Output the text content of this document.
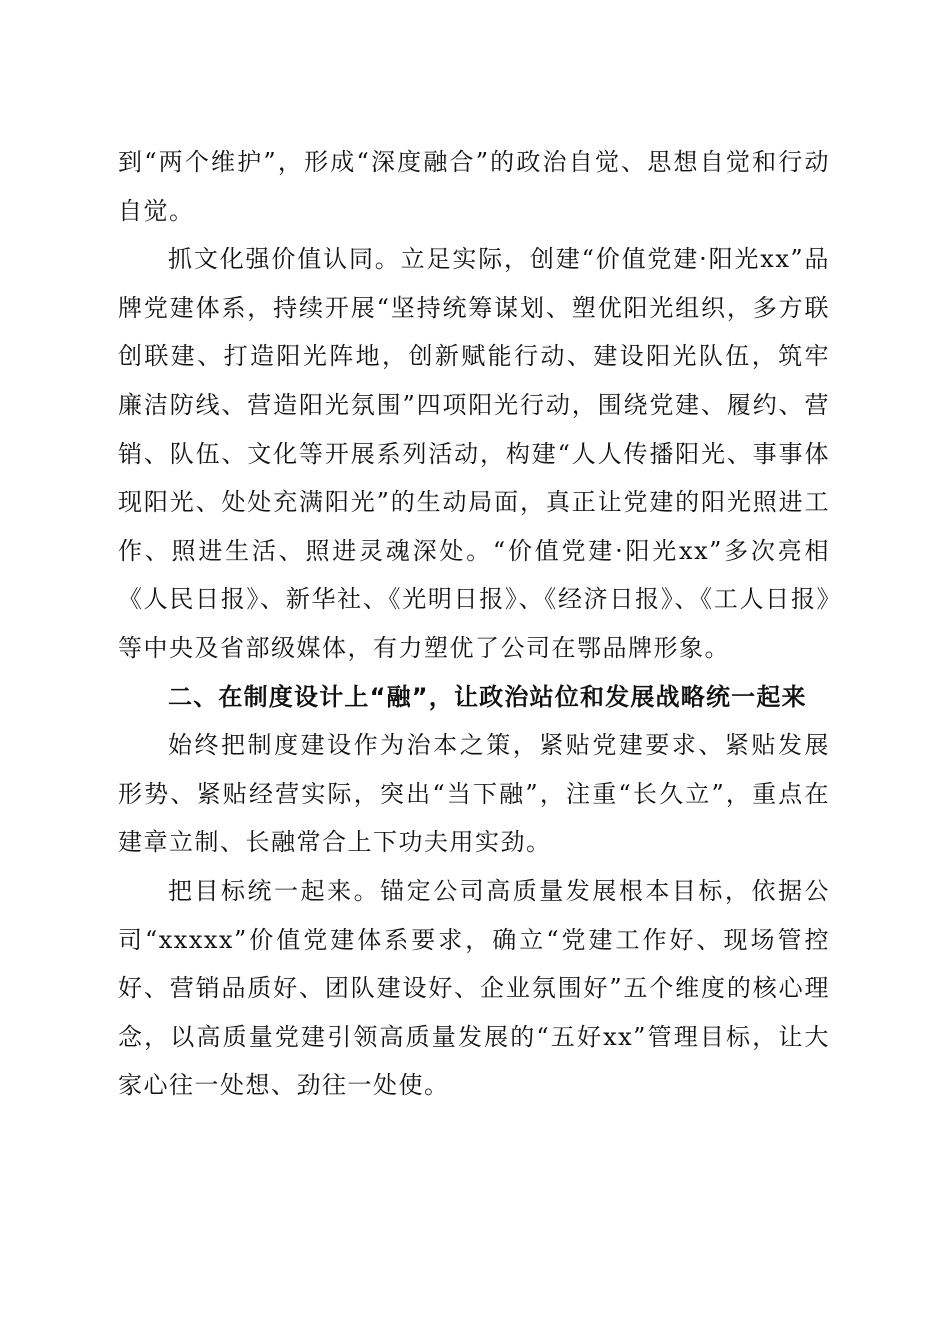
到“两个维护”，形成“深度融合”的政治自觉、思想自觉和行动自觉。

抓文化强价值认同。立足实际，创建“价值党建·阳光xx”品牌党建体系，持续开展“坚持统筹谋划、塑优阳光组织，多方联创联建、打造阳光阵地，创新赋能行动、建设阳光队伍，筑牢廉洁防线、营造阳光氛围”四项阳光行动，围绕党建、履约、营销、队伍、文化等开展系列活动，构建“人人传播阳光、事事体现阳光、处处充满阳光”的生动局面，真正让党建的阳光照进工作、照进生活、照进灵魂深处。“价值党建·阳光xx”多次亮相《人民日报》、新华社、《光明日报》、《经济日报》、《工人日报》等中央及省部级媒体，有力塑优了公司在鄂品牌形象。

二、在制度设计上“融”，让政治站位和发展战略统一起来

始终把制度建设作为治本之策，紧贴党建要求、紧贴发展形势、紧贴经营实际，突出“当下融”，注重“长久立”，重点在建章立制、长融常合上下功夫用实劲。

把目标统一起来。锚定公司高质量发展根本目标，依据公司“xxxxx”价值党建体系要求，确立“党建工作好、现场管控好、营销品质好、团队建设好、企业氛围好”五个维度的核心理念，以高质量党建引领高质量发展的“五好xx”管理目标，让大家心往一处想、劲往一处使。
